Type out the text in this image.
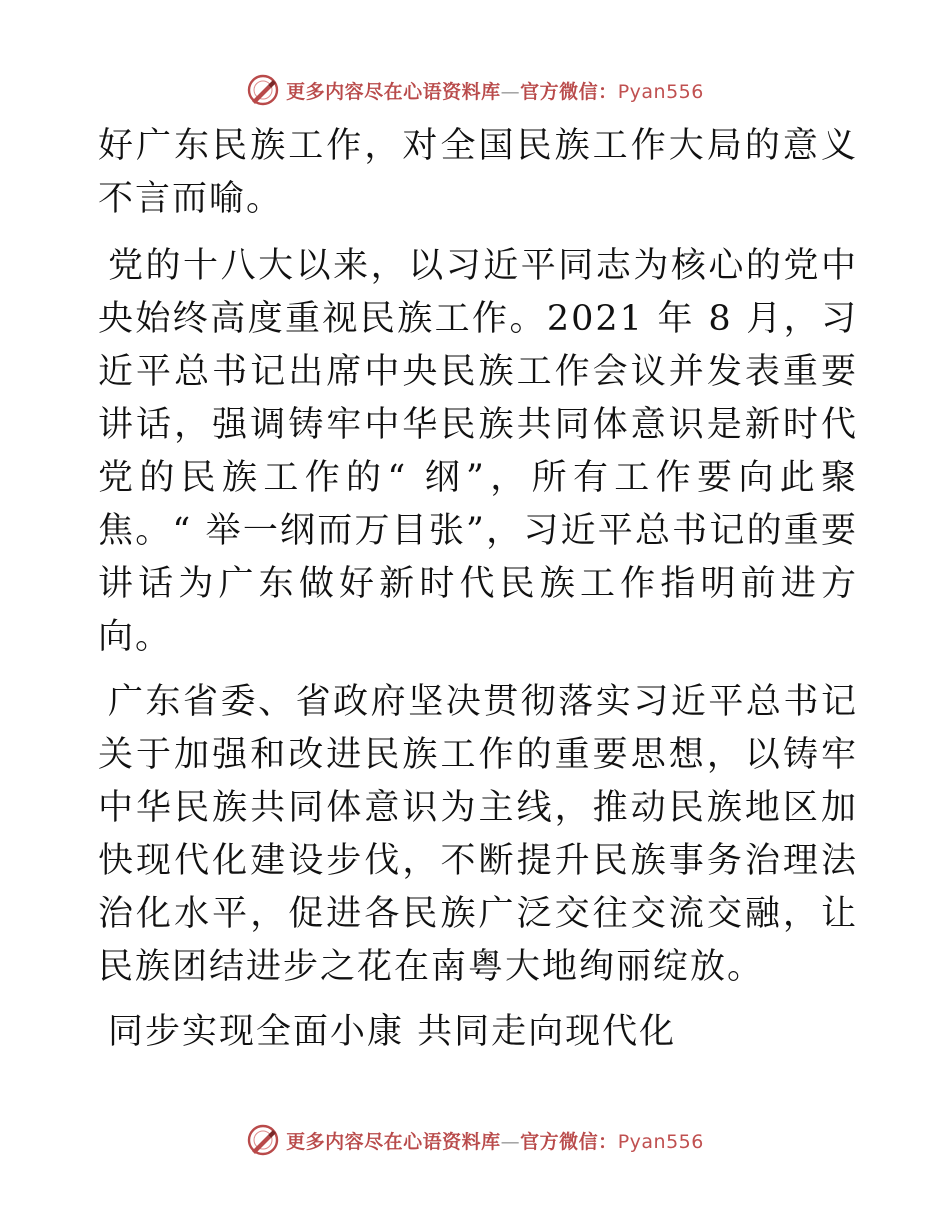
更多内容尽在心语资料库—官方微信：Pyan556

好广东民族工作，对全国民族工作大局的意义不言而喻。

党的十八大以来，以习近平同志为核心的党中央始终高度重视民族工作。2021 年 8 月，习近平总书记出席中央民族工作会议并发表重要讲话，强调铸牢中华民族共同体意识是新时代党的民族工作的“ 纲”，所有工作要向此聚焦。“ 举一纲而万目张”，习近平总书记的重要讲话为广东做好新时代民族工作指明前进方向。

广东省委、省政府坚决贯彻落实习近平总书记关于加强和改进民族工作的重要思想，以铸牢中华民族共同体意识为主线，推动民族地区加快现代化建设步伐，不断提升民族事务治理法治化水平，促进各民族广泛交往交流交融，让民族团结进步之花在南粤大地绚丽绽放。

同步实现全面小康 共同走向现代化
更多内容尽在心语资料库—官方微信：Pyan556
